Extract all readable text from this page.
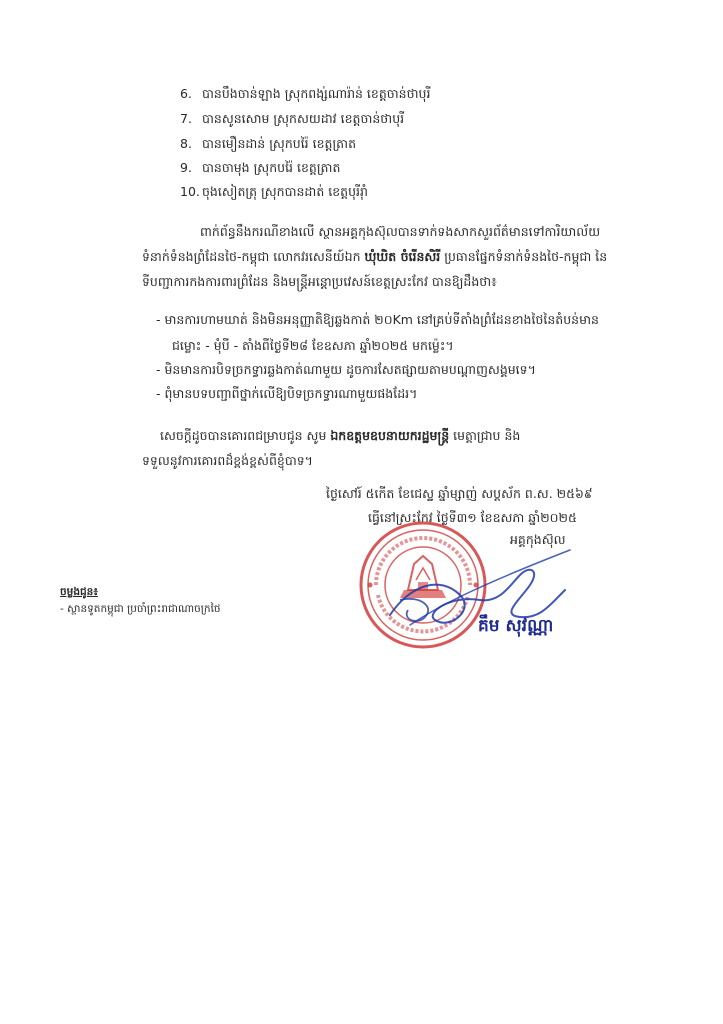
6. បានបឹងចាន់ឡាង ស្រុកពង្ស់ណារ៉ាន់ ខេត្តចាន់ថាបុរី
7. បានសូនសោម ស្រុកសយដាវ ខេត្តចាន់ថាបុរី
8. បានមឿនដាន់ ស្រុកបរ៉ៃ ខេត្តត្រាត
9. បានចាមុង ស្រុកបរ៉ៃ ខេត្តត្រាត
10. ចុងសៀតត្រុ ស្រុកបានដាត់ ខេត្តបុរីរ៉ាំ
ពាក់ព័ន្ធនឹងករណីខាងលើ ស្ថានអគ្គកុងស៊ុលបានទាក់ទងសាកសួរព័ត៌មានទៅការិយាល័យ
ទំនាក់ទំនងព្រំដែនថៃ-កម្ពុជា លោកវរសេនីយ៍ឯក ឃុំឃិត ចំរើនសិរី ប្រធានផ្នែកទំនាក់ទំនងថៃ-កម្ពុជា នៃ
ទីបញ្ជាការកងការពារព្រំដែន និងមន្ត្រីអន្តោប្រវេសន៍ខេត្តស្រះកែវ បានឱ្យដឹងថា៖
- មានការហាមឃាត់ និងមិនអនុញ្ញាតិឱ្យឆ្លងកាត់ ២០Km នៅគ្រប់ទីតាំងព្រំដែនខាងថៃនៃតំបន់មាន
ជម្លោះ - មុំបី - តាំងពីថ្ងៃទី២៨ ខែឧសភា ឆ្នាំ២០២៥ មកម្ល៉េះ។
- មិនមានការបិទច្រកទ្វារឆ្លងកាត់ណាមួយ ដូចការសែតផ្សាយតាមបណ្តាញសង្គមទេ។
- ពុំមានបទបញ្ជាពីថ្នាក់លើឱ្យបិទច្រកទ្វារណាមួយផងដែរ។
សេចក្តីដូចបានគោរពជម្រាបជូន សូម ឯកឧត្តមឧបនាយករដ្ឋមន្ត្រី មេត្តាជ្រាប និង
ទទួលនូវការគោរពដ៏ខ្ពង់ខ្ពស់ពីខ្ញុំបាទ។
ថ្ងៃសៅរ៍ ៥កើត ខែជេស្ឋ ឆ្នាំម្សាញ់ សប្តស័ក ព.ស. ២៥៦៩
ធ្វើនៅស្រះកែវ ថ្ងៃទី៣១ ខែឧសភា ឆ្នាំ២០២៥
អគ្គកុងស៊ុល
គឹម សុវណ្ណា
ចម្លងជូន៖
- ស្ថានទូតកម្ពុជា ប្រចាំព្រះរាជាណាចក្រថៃ
